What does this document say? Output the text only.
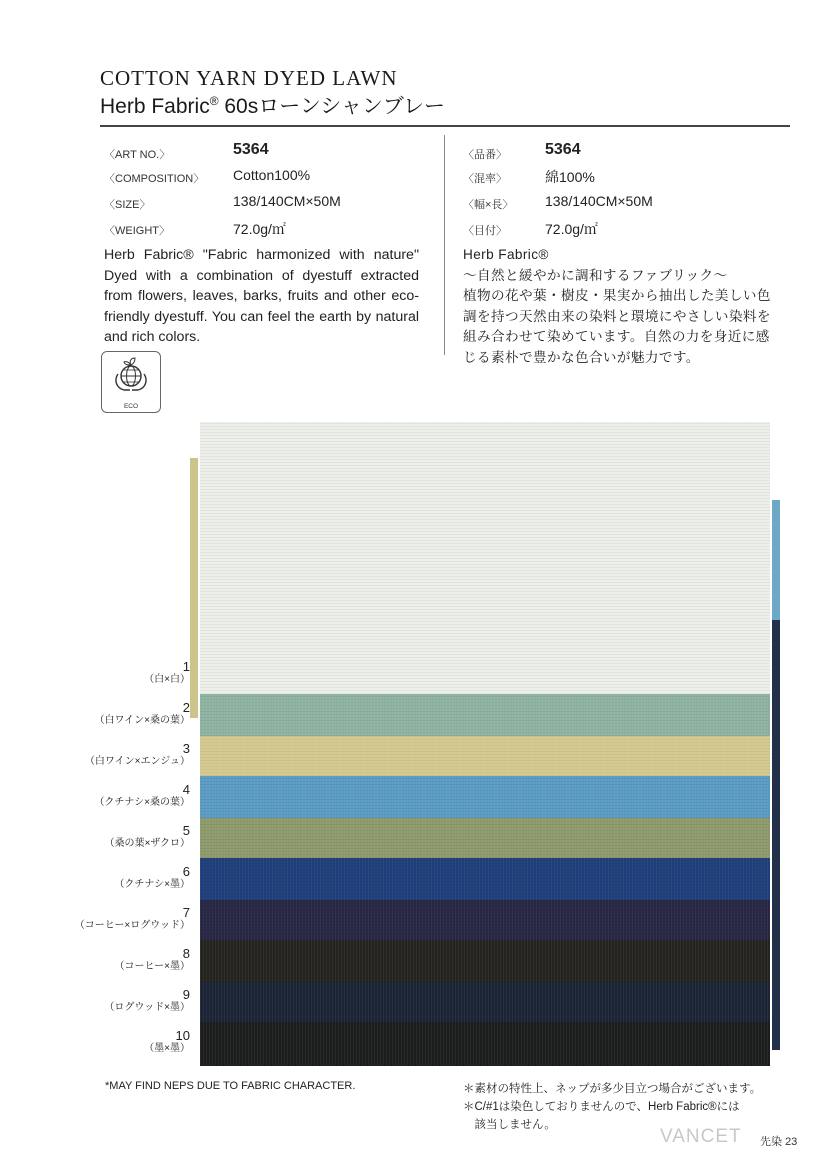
COTTON YARN DYED LAWN
Herb Fabric® 60sローンシャンブレー
〈ART NO.〉	5364
〈COMPOSITION〉 Cotton100%
〈SIZE〉	138/140CM×50M
〈WEIGHT〉	72.0g/㎡
〈品番〉 5364
〈混率〉	綿100%
〈幅×長〉 138/140CM×50M
〈目付〉	72.0g/㎡
Herb Fabric® "Fabric harmonized with nature" Dyed with a combination of dyestuff extracted from flowers, leaves, barks, fruits and other eco-friendly dyestuff. You can feel the earth by natural and rich colors.
Herb Fabric®
〜自然と緩やかに調和するファブリック〜
植物の花や葉・樹皮・果実から抽出した美しい色
調を持つ天然由来の染料と環境にやさしい染料を
組み合わせて染めています。自然の力を身近に感
じる素朴で豊かな色合いが魅力です。
ECO
1
（白×白）
2
（白ワイン×桑の葉）
3
（白ワイン×エンジュ）
4
（クチナシ×桑の葉）
5
（桑の葉×ザクロ）
6
（クチナシ×墨）
7
（コーヒー×ログウッド）
8
（コーヒー×墨）
9
（ログウッド×墨）
10
（墨×墨）
*MAY FIND NEPS DUE TO FABRIC CHARACTER.	＊素材の特性上、ネップが多少目立つ場合がございます。
＊C/#1は染色しておりませんので、Herb Fabric®には
　該当しません。
VANCET 先染 23
